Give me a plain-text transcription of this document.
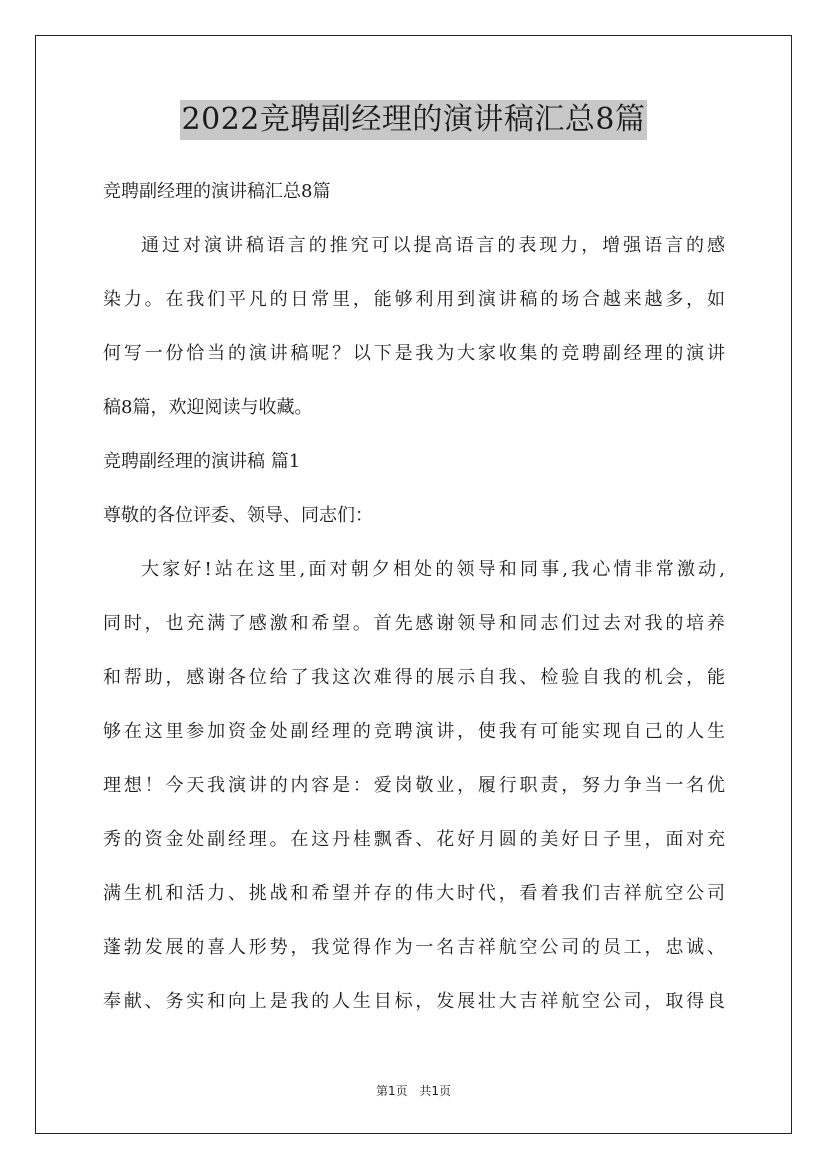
2022竞聘副经理的演讲稿汇总8篇
竞聘副经理的演讲稿汇总8篇
通过对演讲稿语言的推究可以提高语言的表现力，增强语言的感
染力。在我们平凡的日常里，能够利用到演讲稿的场合越来越多，如
何写一份恰当的演讲稿呢？以下是我为大家收集的竞聘副经理的演讲
稿8篇，欢迎阅读与收藏。
竞聘副经理的演讲稿 篇1
尊敬的各位评委、领导、同志们：
大家好!站在这里,面对朝夕相处的领导和同事,我心情非常激动,
同时，也充满了感激和希望。首先感谢领导和同志们过去对我的培养
和帮助，感谢各位给了我这次难得的展示自我、检验自我的机会，能
够在这里参加资金处副经理的竞聘演讲，使我有可能实现自己的人生
理想！今天我演讲的内容是：爱岗敬业，履行职责，努力争当一名优
秀的资金处副经理。在这丹桂飘香、花好月圆的美好日子里，面对充
满生机和活力、挑战和希望并存的伟大时代，看着我们吉祥航空公司
蓬勃发展的喜人形势，我觉得作为一名吉祥航空公司的员工，忠诚、
奉献、务实和向上是我的人生目标，发展壮大吉祥航空公司，取得良
第1页 共1页
